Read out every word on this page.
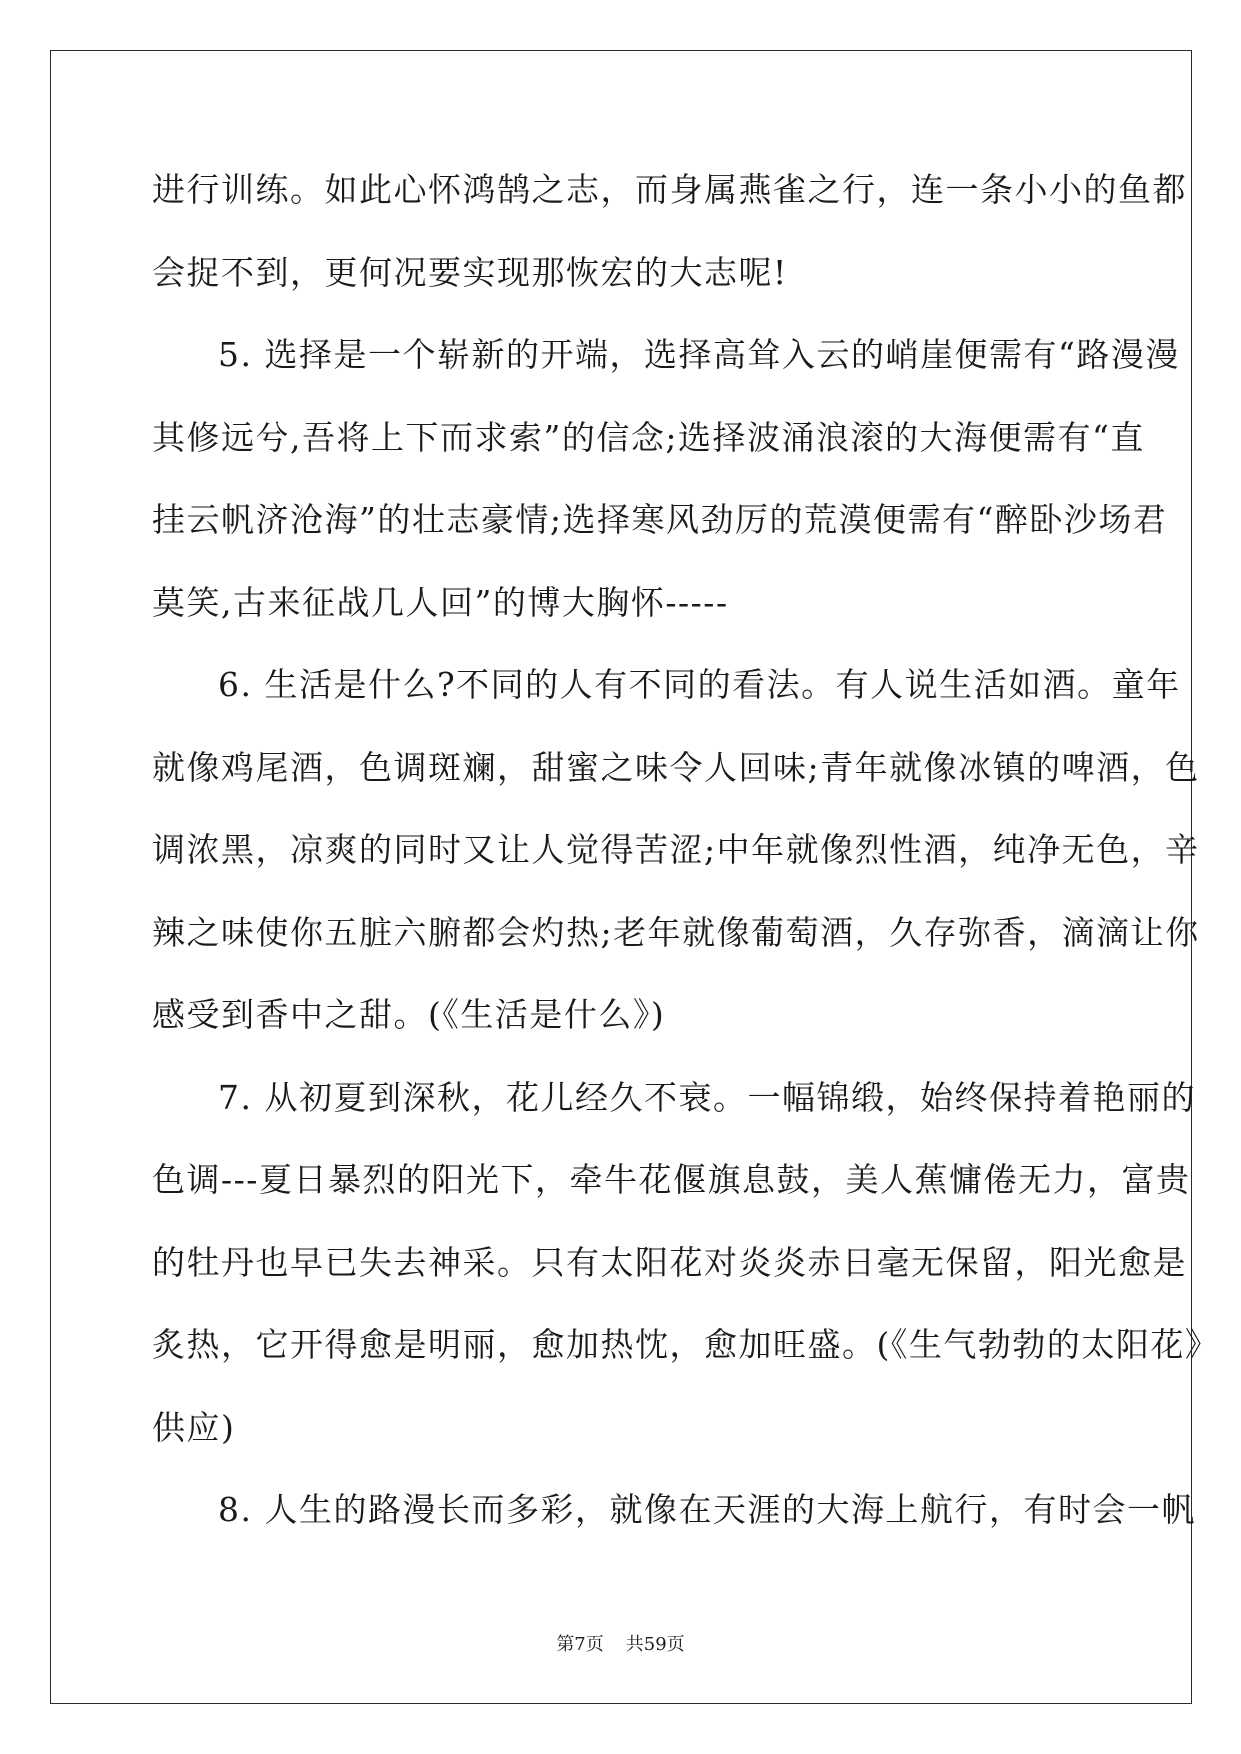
进行训练。如此心怀鸿鹄之志，而身属燕雀之行，连一条小小的鱼都
会捉不到，更何况要实现那恢宏的大志呢!
5. 选择是一个崭新的开端，选择高耸入云的峭崖便需有“路漫漫
其修远兮,吾将上下而求索”的信念;选择波涌浪滚的大海便需有“直
挂云帆济沧海”的壮志豪情;选择寒风劲厉的荒漠便需有“醉卧沙场君
莫笑,古来征战几人回”的博大胸怀-----
6. 生活是什么?不同的人有不同的看法。有人说生活如酒。童年
就像鸡尾酒，色调斑斓，甜蜜之味令人回味;青年就像冰镇的啤酒，色
调浓黑，凉爽的同时又让人觉得苦涩;中年就像烈性酒，纯净无色，辛
辣之味使你五脏六腑都会灼热;老年就像葡萄酒，久存弥香，滴滴让你
感受到香中之甜。(《生活是什么》)
7. 从初夏到深秋，花儿经久不衰。一幅锦缎，始终保持着艳丽的
色调---夏日暴烈的阳光下，牵牛花偃旗息鼓，美人蕉慵倦无力，富贵
的牡丹也早已失去神采。只有太阳花对炎炎赤日毫无保留，阳光愈是
炙热，它开得愈是明丽，愈加热忱，愈加旺盛。(《生气勃勃的太阳花》
供应)
8. 人生的路漫长而多彩，就像在天涯的大海上航行，有时会一帆
第7页 共59页
